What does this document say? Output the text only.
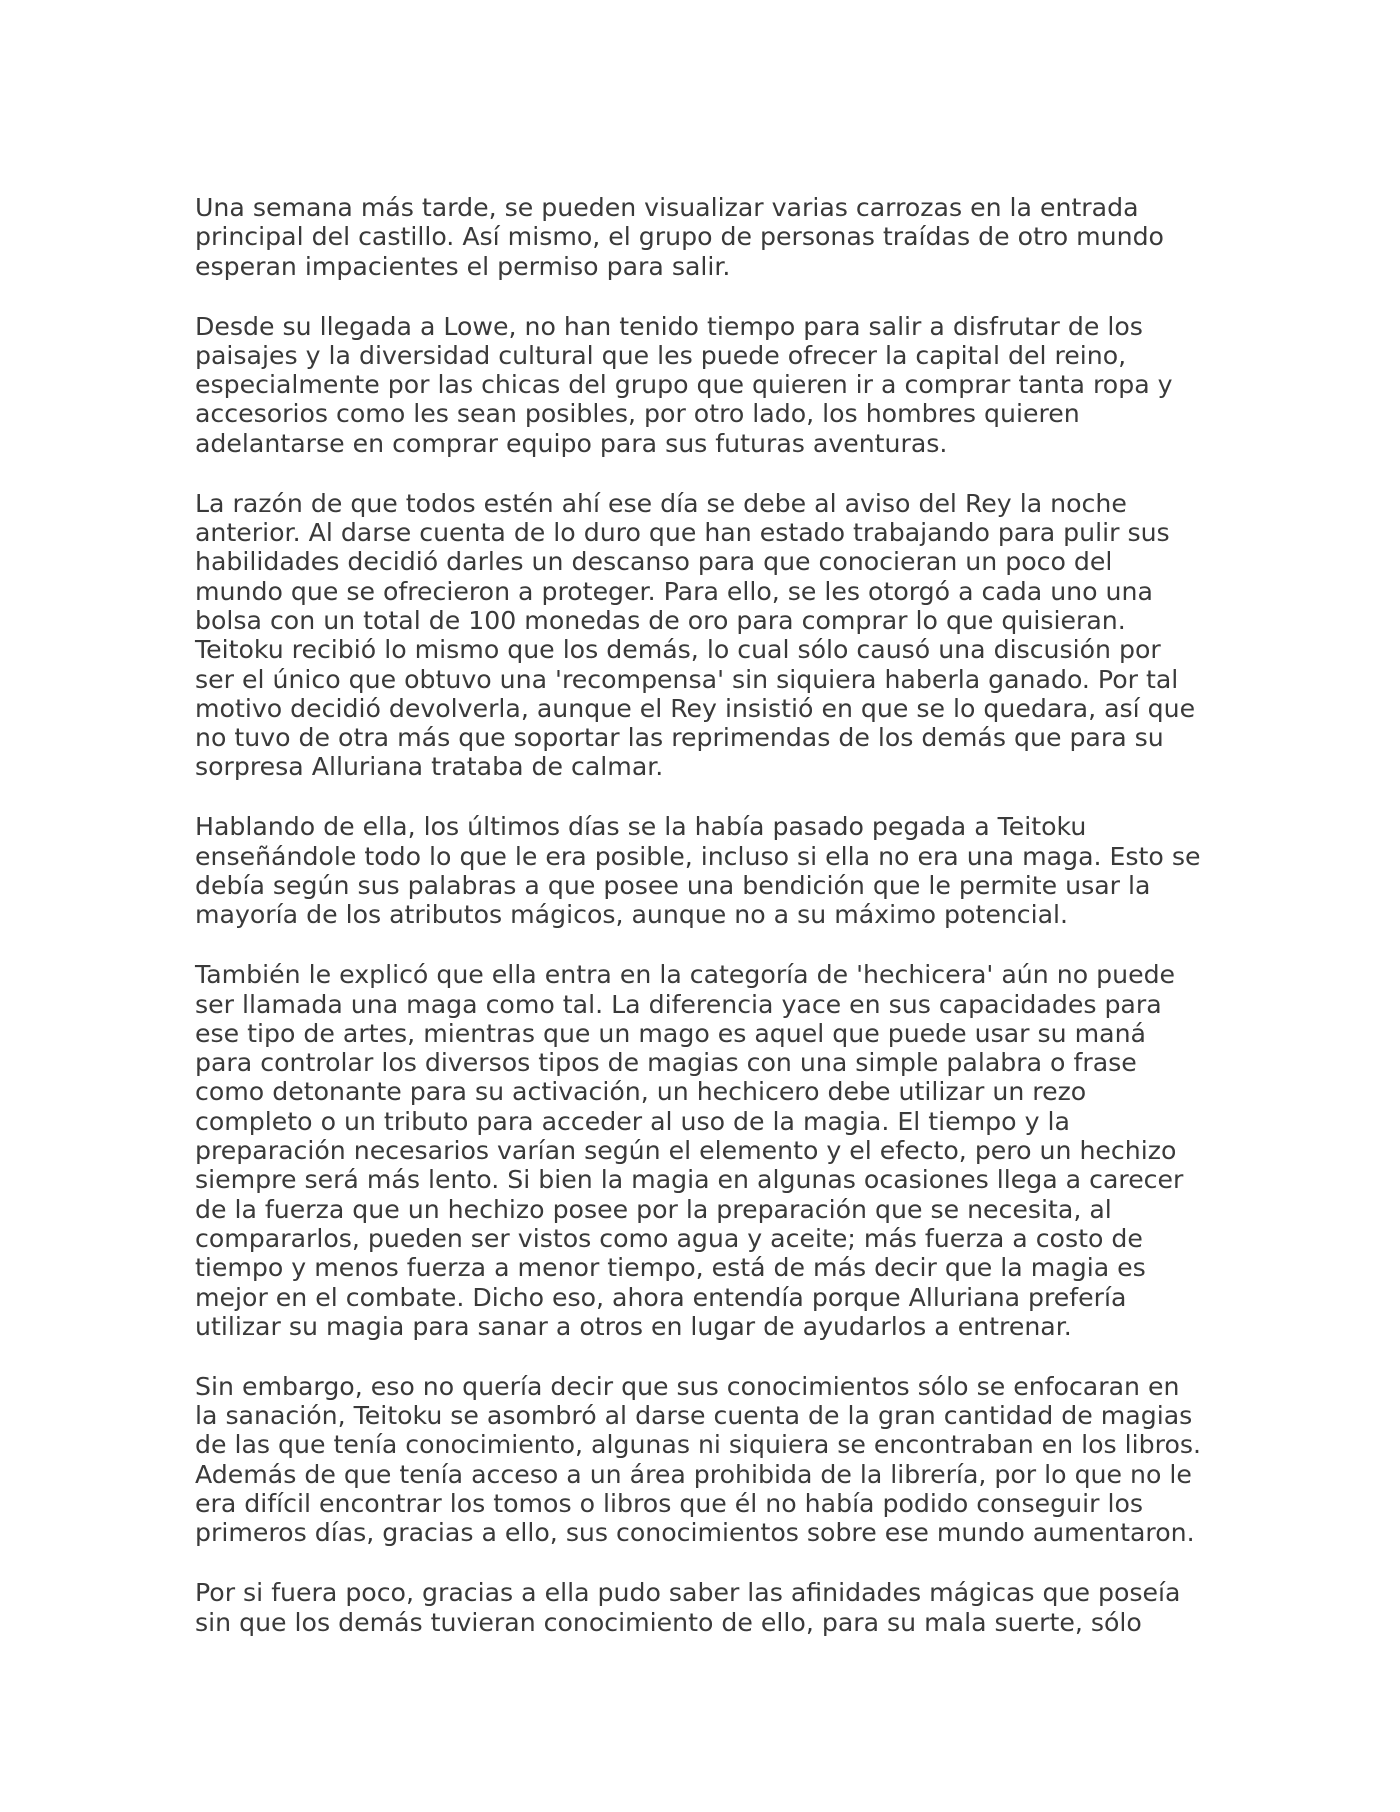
Una semana más tarde, se pueden visualizar varias carrozas en la entrada
principal del castillo. Así mismo, el grupo de personas traídas de otro mundo
esperan impacientes el permiso para salir.

Desde su llegada a Lowe, no han tenido tiempo para salir a disfrutar de los
paisajes y la diversidad cultural que les puede ofrecer la capital del reino,
especialmente por las chicas del grupo que quieren ir a comprar tanta ropa y
accesorios como les sean posibles, por otro lado, los hombres quieren
adelantarse en comprar equipo para sus futuras aventuras.

La razón de que todos estén ahí ese día se debe al aviso del Rey la noche
anterior. Al darse cuenta de lo duro que han estado trabajando para pulir sus
habilidades decidió darles un descanso para que conocieran un poco del
mundo que se ofrecieron a proteger. Para ello, se les otorgó a cada uno una
bolsa con un total de 100 monedas de oro para comprar lo que quisieran.
Teitoku recibió lo mismo que los demás, lo cual sólo causó una discusión por
ser el único que obtuvo una 'recompensa' sin siquiera haberla ganado. Por tal
motivo decidió devolverla, aunque el Rey insistió en que se lo quedara, así que
no tuvo de otra más que soportar las reprimendas de los demás que para su
sorpresa Alluriana trataba de calmar.

Hablando de ella, los últimos días se la había pasado pegada a Teitoku
enseñándole todo lo que le era posible, incluso si ella no era una maga. Esto se
debía según sus palabras a que posee una bendición que le permite usar la
mayoría de los atributos mágicos, aunque no a su máximo potencial.

También le explicó que ella entra en la categoría de 'hechicera' aún no puede
ser llamada una maga como tal. La diferencia yace en sus capacidades para
ese tipo de artes, mientras que un mago es aquel que puede usar su maná
para controlar los diversos tipos de magias con una simple palabra o frase
como detonante para su activación, un hechicero debe utilizar un rezo
completo o un tributo para acceder al uso de la magia. El tiempo y la
preparación necesarios varían según el elemento y el efecto, pero un hechizo
siempre será más lento. Si bien la magia en algunas ocasiones llega a carecer
de la fuerza que un hechizo posee por la preparación que se necesita, al
compararlos, pueden ser vistos como agua y aceite; más fuerza a costo de
tiempo y menos fuerza a menor tiempo, está de más decir que la magia es
mejor en el combate. Dicho eso, ahora entendía porque Alluriana prefería
utilizar su magia para sanar a otros en lugar de ayudarlos a entrenar.

Sin embargo, eso no quería decir que sus conocimientos sólo se enfocaran en
la sanación, Teitoku se asombró al darse cuenta de la gran cantidad de magias
de las que tenía conocimiento, algunas ni siquiera se encontraban en los libros.
Además de que tenía acceso a un área prohibida de la librería, por lo que no le
era difícil encontrar los tomos o libros que él no había podido conseguir los
primeros días, gracias a ello, sus conocimientos sobre ese mundo aumentaron.

Por si fuera poco, gracias a ella pudo saber las afinidades mágicas que poseía
sin que los demás tuvieran conocimiento de ello, para su mala suerte, sólo
